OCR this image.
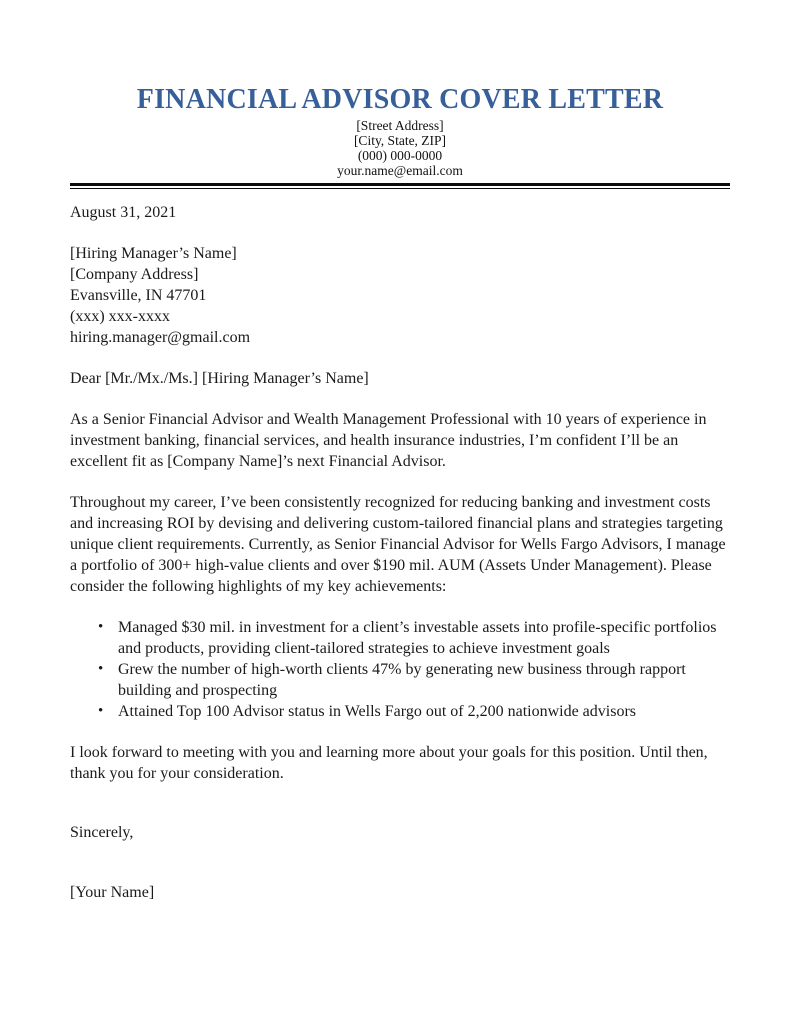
FINANCIAL ADVISOR COVER LETTER
[Street Address]
[City, State, ZIP]
(000) 000-0000
your.name@email.com

August 31, 2021

[Hiring Manager’s Name]
[Company Address]
Evansville, IN 47701
(xxx) xxx-xxxx
hiring.manager@gmail.com

Dear [Mr./Mx./Ms.] [Hiring Manager’s Name]

As a Senior Financial Advisor and Wealth Management Professional with 10 years of experience in investment banking, financial services, and health insurance industries, I’m confident I’ll be an excellent fit as [Company Name]’s next Financial Advisor.

Throughout my career, I’ve been consistently recognized for reducing banking and investment costs and increasing ROI by devising and delivering custom-tailored financial plans and strategies targeting unique client requirements. Currently, as Senior Financial Advisor for Wells Fargo Advisors, I manage a portfolio of 300+ high-value clients and over $190 mil. AUM (Assets Under Management). Please consider the following highlights of my key achievements:

• Managed $30 mil. in investment for a client’s investable assets into profile-specific portfolios and products, providing client-tailored strategies to achieve investment goals
• Grew the number of high-worth clients 47% by generating new business through rapport building and prospecting
• Attained Top 100 Advisor status in Wells Fargo out of 2,200 nationwide advisors

I look forward to meeting with you and learning more about your goals for this position. Until then, thank you for your consideration.

Sincerely,

[Your Name]
